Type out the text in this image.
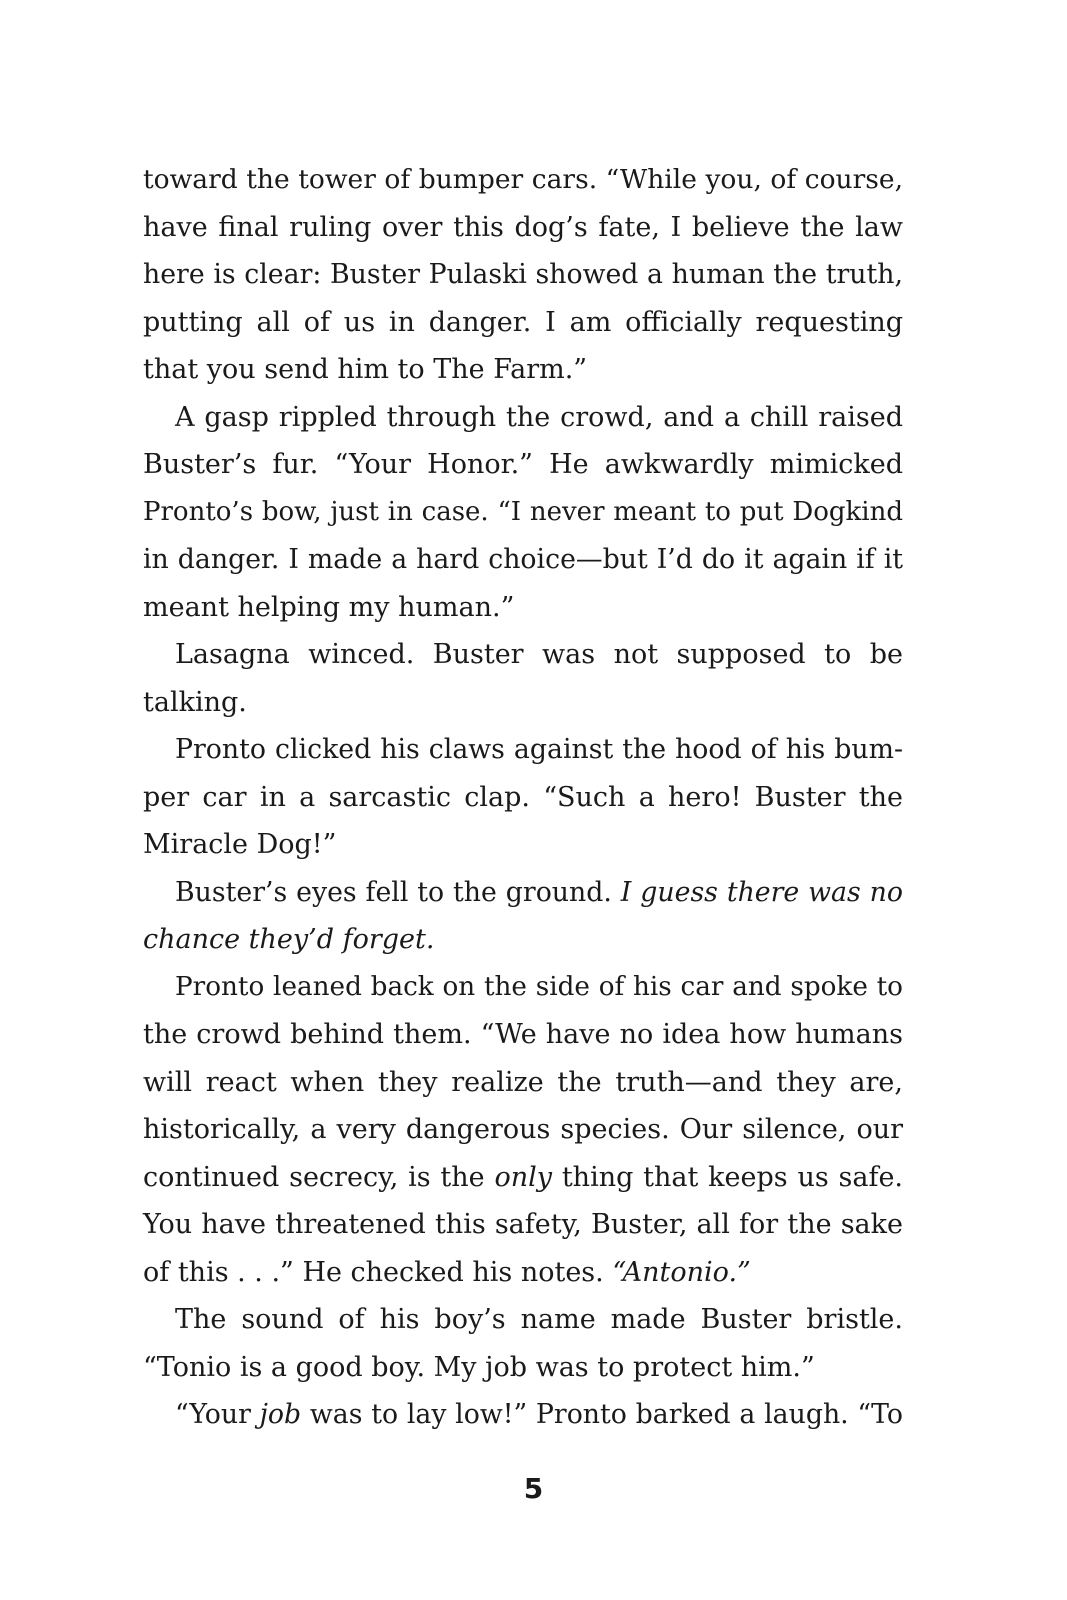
toward the tower of bumper cars. “While you, of course,
have final ruling over this dog’s fate, I believe the law
here is clear: Buster Pulaski showed a human the truth,
putting all of us in danger. I am officially requesting
that you send him to The Farm.”
A gasp rippled through the crowd, and a chill raised
Buster’s fur. “Your Honor.” He awkwardly mimicked
Pronto’s bow, just in case. “I never meant to put Dogkind
in danger. I made a hard choice—but I’d do it again if it
meant helping my human.”
Lasagna winced. Buster was not supposed to be
talking.
Pronto clicked his claws against the hood of his bum-
per car in a sarcastic clap. “Such a hero! Buster the
Miracle Dog!”
Buster’s eyes fell to the ground. I guess there was no
chance they’d forget.
Pronto leaned back on the side of his car and spoke to
the crowd behind them. “We have no idea how humans
will react when they realize the truth—and they are,
historically, a very dangerous species. Our silence, our
continued secrecy, is the only thing that keeps us safe.
You have threatened this safety, Buster, all for the sake
of this . . .” He checked his notes. “Antonio.”
The sound of his boy’s name made Buster bristle.
“Tonio is a good boy. My job was to protect him.”
“Your job was to lay low!” Pronto barked a laugh. “To
5
